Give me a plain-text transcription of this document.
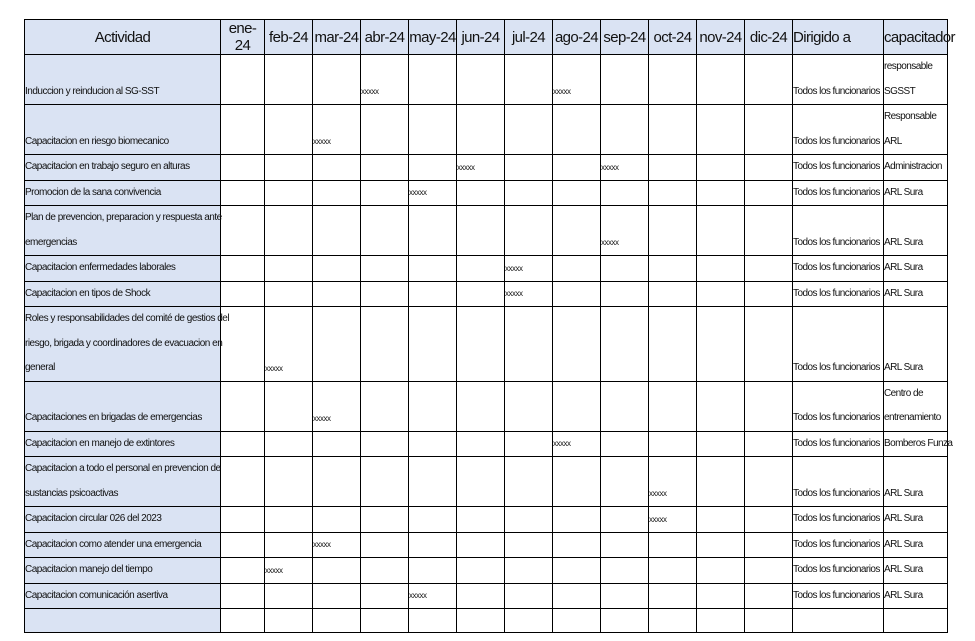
Actividad	ene-24	feb-24	mar-24	abr-24	may-24	jun-24	jul-24	ago-24	sep-24	oct-24	nov-24	dic-24	Dirigido a	capacitador

Induccion y reinducion al SG-SST				xxxxx				xxxxx					Todos los funcionarios	responsable
SGSST

Capacitacion en riesgo biomecanico			xxxxx										Todos los funcionarios	Responsable
ARL

Capacitacion en trabajo seguro en alturas						xxxxx			xxxxx				Todos los funcionarios	Administracion

Promocion de la sana convivencia					xxxxx								Todos los funcionarios	ARL Sura

Plan de prevencion, preparacion y respuesta ante
emergencias									xxxxx				Todos los funcionarios	ARL Sura

Capacitacion enfermedades laborales							xxxxx						Todos los funcionarios	ARL Sura

Capacitacion en tipos de Shock							xxxxx						Todos los funcionarios	ARL Sura

Roles y responsabilidades del comité de gestios del
riesgo, brigada y coordinadores de evacuacion en
general		xxxxx											Todos los funcionarios	ARL Sura

Capacitaciones en brigadas de emergencias			xxxxx										Todos los funcionarios	Centro de
entrenamiento

Capacitacion en manejo de extintores								xxxxx					Todos los funcionarios	Bomberos Funza

Capacitacion a todo el personal en prevencion de
sustancias psicoactivas										xxxxx			Todos los funcionarios	ARL Sura

Capacitacion circular 026 del 2023										xxxxx			Todos los funcionarios	ARL Sura

Capacitacion como atender una emergencia			xxxxx										Todos los funcionarios	ARL Sura

Capacitacion manejo del tiempo		xxxxx											Todos los funcionarios	ARL Sura

Capacitacion comunicación asertiva					xxxxx								Todos los funcionarios	ARL Sura
